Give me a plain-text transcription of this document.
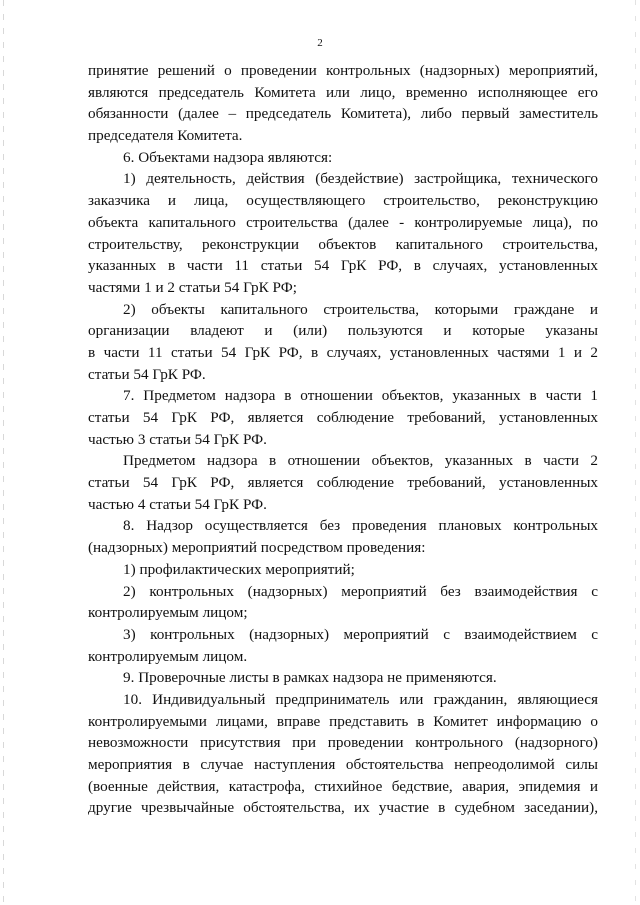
2
принятие решений о проведении контрольных (надзорных) мероприятий,
являются председатель Комитета или лицо, временно исполняющее его
обязанности (далее – председатель Комитета), либо первый заместитель
председателя Комитета.
6. Объектами надзора являются:
1) деятельность, действия (бездействие) застройщика, технического
заказчика и лица, осуществляющего строительство, реконструкцию
объекта капитального строительства (далее - контролируемые лица), по
строительству, реконструкции объектов капитального строительства,
указанных в части 11 статьи 54 ГрК РФ, в случаях, установленных
частями 1 и 2 статьи 54 ГрК РФ;
2) объекты капитального строительства, которыми граждане и
организации владеют и (или) пользуются и которые указаны
в части 11 статьи 54 ГрК РФ, в случаях, установленных частями 1 и 2
статьи 54 ГрК РФ.
7. Предметом надзора в отношении объектов, указанных в части 1
статьи 54 ГрК РФ, является соблюдение требований, установленных
частью 3 статьи 54 ГрК РФ.
Предметом надзора в отношении объектов, указанных в части 2
статьи 54 ГрК РФ, является соблюдение требований, установленных
частью 4 статьи 54 ГрК РФ.
8. Надзор осуществляется без проведения плановых контрольных
(надзорных) мероприятий посредством проведения:
1) профилактических мероприятий;
2) контрольных (надзорных) мероприятий без взаимодействия с
контролируемым лицом;
3) контрольных (надзорных) мероприятий с взаимодействием с
контролируемым лицом.
9. Проверочные листы в рамках надзора не применяются.
10. Индивидуальный предприниматель или гражданин, являющиеся
контролируемыми лицами, вправе представить в Комитет информацию о
невозможности присутствия при проведении контрольного (надзорного)
мероприятия в случае наступления обстоятельства непреодолимой силы
(военные действия, катастрофа, стихийное бедствие, авария, эпидемия и
другие чрезвычайные обстоятельства, их участие в судебном заседании),
